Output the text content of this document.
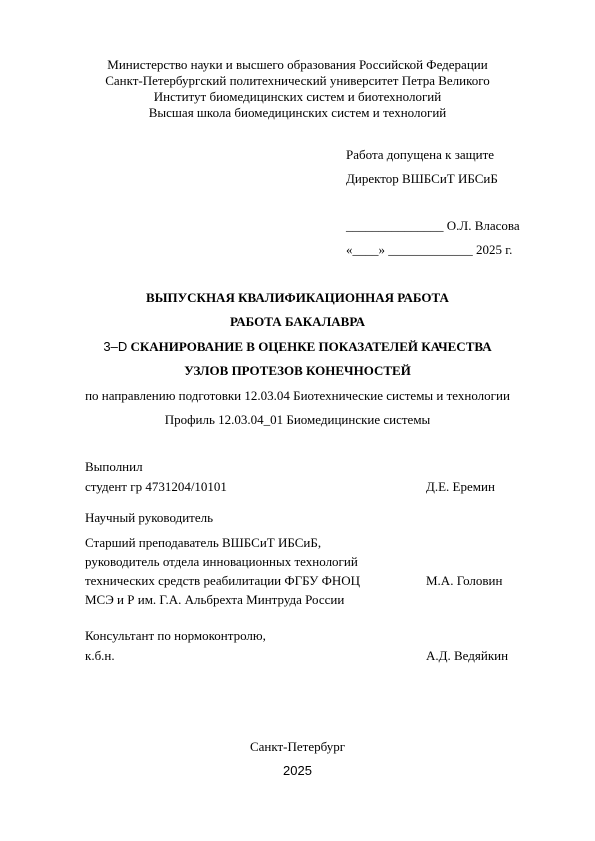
Министерство науки и высшего образования Российской Федерации
Санкт-Петербургский политехнический университет Петра Великого
Институт биомедицинских систем и биотехнологий
Высшая школа биомедицинских систем и технологий
Работа допущена к защите
Директор ВШБСиТ ИБСиБ
_______________ О.Л. Власова
«____» _____________ 2025 г.
ВЫПУСКНАЯ КВАЛИФИКАЦИОННАЯ РАБОТА
РАБОТА БАКАЛАВРА
3–D СКАНИРОВАНИЕ В ОЦЕНКЕ ПОКАЗАТЕЛЕЙ КАЧЕСТВА
УЗЛОВ ПРОТЕЗОВ КОНЕЧНОСТЕЙ
по направлению подготовки 12.03.04 Биотехнические системы и технологии
Профиль 12.03.04_01 Биомедицинские системы
Выполнил
студент гр 4731204/10101	Д.Е. Еремин
Научный руководитель
Старший преподаватель ВШБСиТ ИБСиБ,
руководитель отдела инновационных технологий
технических средств реабилитации ФГБУ ФНОЦ	М.А. Головин
МСЭ и Р им. Г.А. Альбрехта Минтруда России
Консультант по нормоконтролю,
к.б.н.	А.Д. Ведяйкин
Санкт-Петербург
2025
